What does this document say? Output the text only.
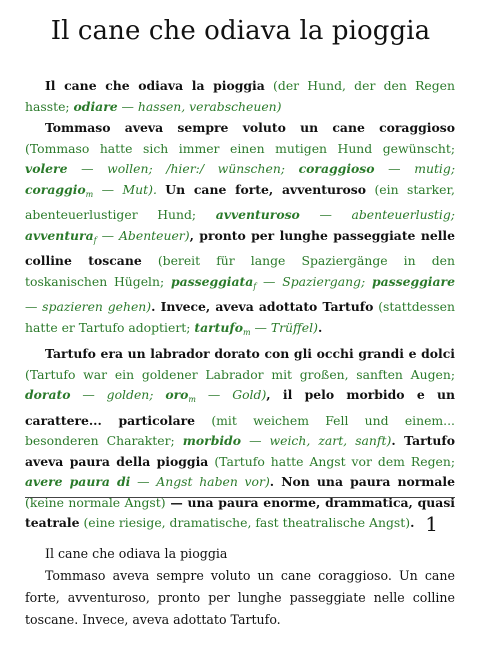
Il cane che odiava la pioggia

Il cane che odiava la pioggia (der Hund, der den Regen hasste; odiare — hassen, verabscheuen)

Tommaso aveva sempre voluto un cane coraggioso (Tommaso hatte sich immer einen mutigen Hund gewünscht; volere — wollen; /hier:/ wünschen; coraggioso — mutig; coraggio$_m$ — Mut). Un cane forte, avventuroso (ein starker, abenteuerlustiger Hund; avventuroso — abenteuerlustig; avventura$_f$ — Abenteuer), pronto per lunghe passeggiate nelle colline toscane (bereit für lange Spaziergänge in den toskanischen Hügeln; passeggiata$_f$ — Spaziergang; passeggiare — spazieren gehen). Invece, aveva adottato Tartufo (stattdessen hatte er Tartufo adoptiert; tartufo$_m$ — Trüffel).

Tartufo era un labrador dorato con gli occhi grandi e dolci (Tartufo war ein goldener Labrador mit großen, sanften Augen; dorato — golden; oro$_m$ — Gold), il pelo morbido e un carattere... particolare (mit weichem Fell und einem... besonderen Charakter; morbido — weich, zart, sanft). Tartufo aveva paura della pioggia (Tartufo hatte Angst vor dem Regen; avere paura di — Angst haben vor). Non una paura normale (keine normale Angst) — una paura enorme, drammatica, quasi teatrale (eine riesige, dramatische, fast theatralische Angst). 1

Il cane che odiava la pioggia

Tommaso aveva sempre voluto un cane coraggioso. Un cane forte, avventuroso, pronto per lunghe passeggiate nelle colline toscane. Invece, aveva adottato Tartufo.
